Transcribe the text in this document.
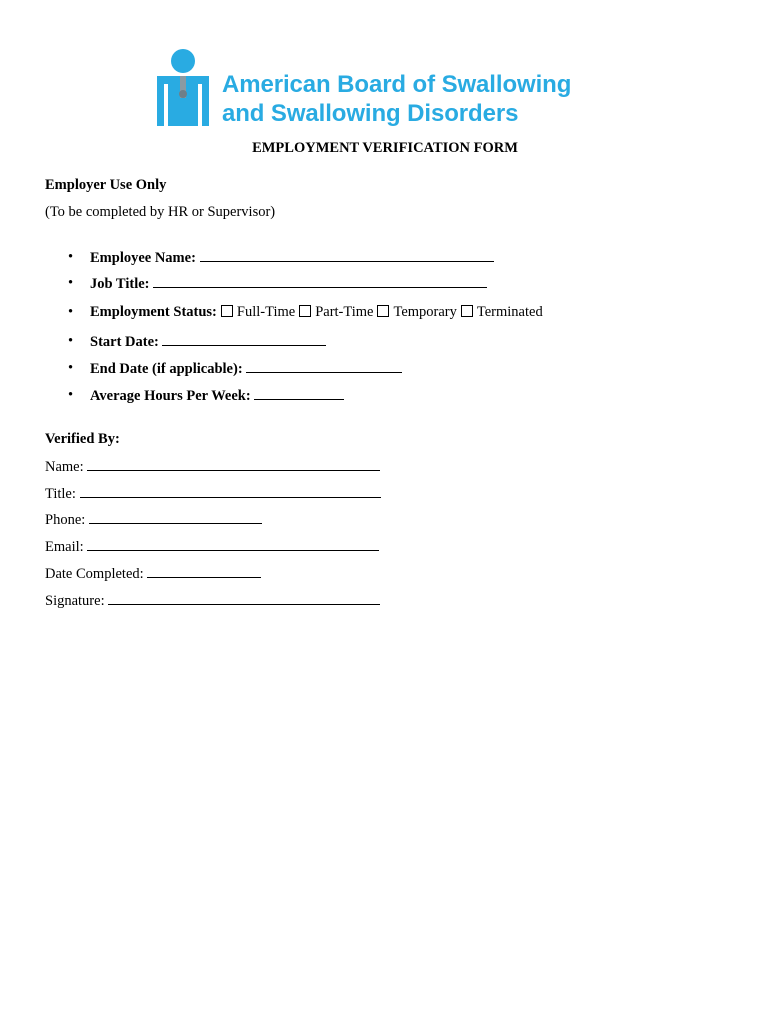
American Board of Swallowing
and Swallowing Disorders
EMPLOYMENT VERIFICATION FORM
Employer Use Only
(To be completed by HR or Supervisor)
• Employee Name:
• Job Title:
• Employment Status: Full-Time Part-Time Temporary Terminated
• Start Date:
• End Date (if applicable):
• Average Hours Per Week:
Verified By:
Name:
Title:
Phone:
Email:
Date Completed:
Signature:
